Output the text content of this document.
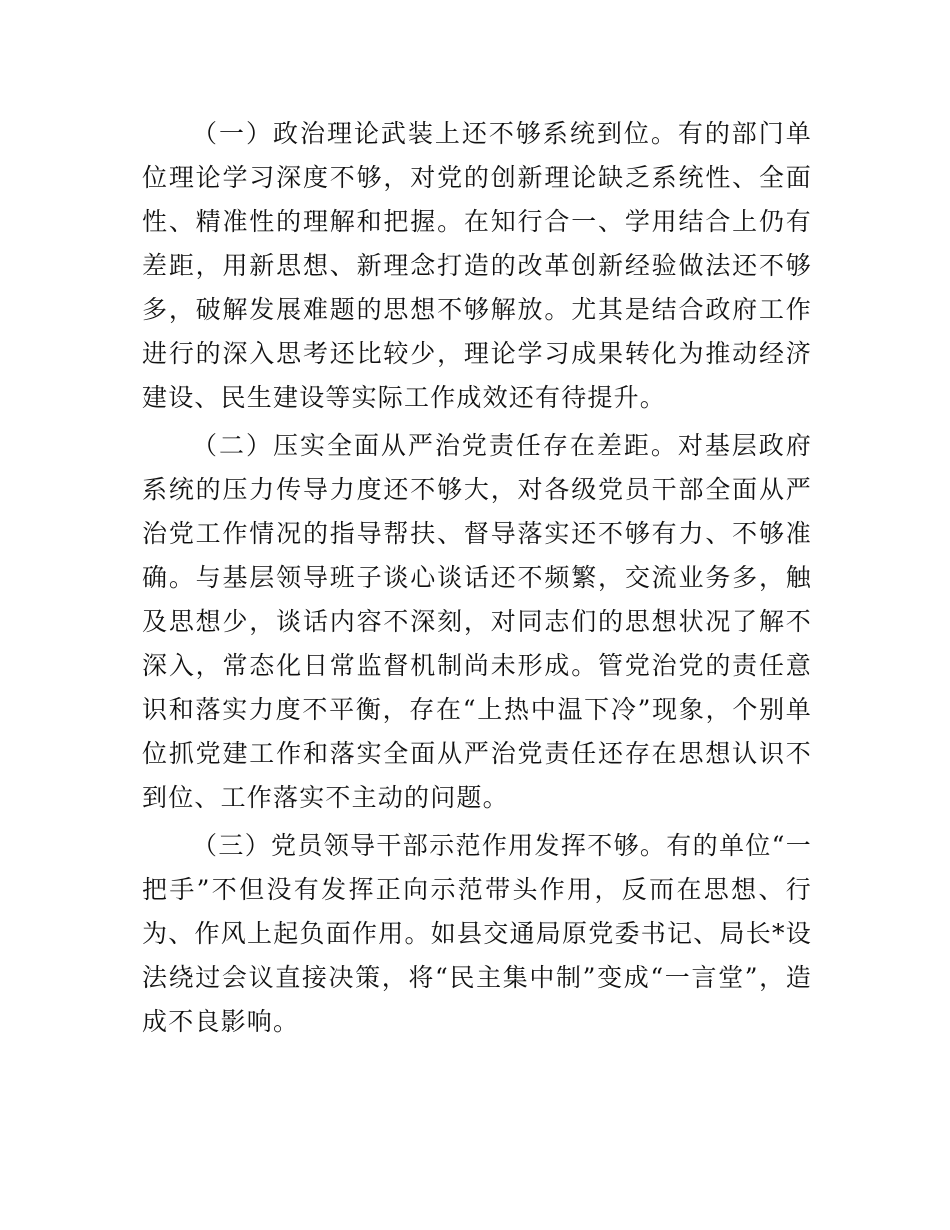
（一）政治理论武装上还不够系统到位。有的部门单位理论学习深度不够，对党的创新理论缺乏系统性、全面性、精准性的理解和把握。在知行合一、学用结合上仍有差距，用新思想、新理念打造的改革创新经验做法还不够多，破解发展难题的思想不够解放。尤其是结合政府工作进行的深入思考还比较少，理论学习成果转化为推动经济建设、民生建设等实际工作成效还有待提升。

（二）压实全面从严治党责任存在差距。对基层政府系统的压力传导力度还不够大，对各级党员干部全面从严治党工作情况的指导帮扶、督导落实还不够有力、不够准确。与基层领导班子谈心谈话还不频繁，交流业务多，触及思想少，谈话内容不深刻，对同志们的思想状况了解不深入，常态化日常监督机制尚未形成。管党治党的责任意识和落实力度不平衡，存在“上热中温下冷”现象，个别单位抓党建工作和落实全面从严治党责任还存在思想认识不到位、工作落实不主动的问题。

（三）党员领导干部示范作用发挥不够。有的单位“一把手”不但没有发挥正向示范带头作用，反而在思想、行为、作风上起负面作用。如县交通局原党委书记、局长*设法绕过会议直接决策，将“民主集中制”变成“一言堂”，造成不良影响。
